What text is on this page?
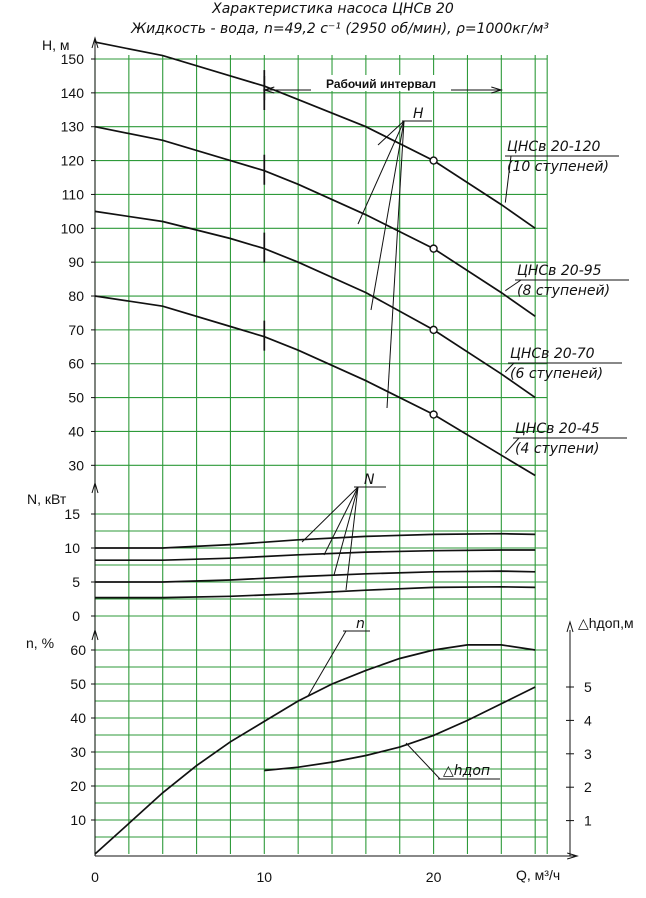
Характеристика насоса ЦНСв 20
Жидкость - вода, n=49,2 с⁻¹ (2950 об/мин), ρ=1000кг/м³
30
40
50
60
70
80
90
100
110
120
130
140
150
0
5
10
15
10
20
30
40
50
60
1
2
3
4
5
0	10	20
H, м
N, кВт
n, %
△hдоп,м
Q, м³/ч
Рабочий интервал
ЦНСв 20-120
(10 ступеней)
ЦНСв 20-95
(8 ступеней)
ЦНСв 20-70
(6 ступеней)
ЦНСв 20-45
(4 ступени)
H
N
n
△hдоп
